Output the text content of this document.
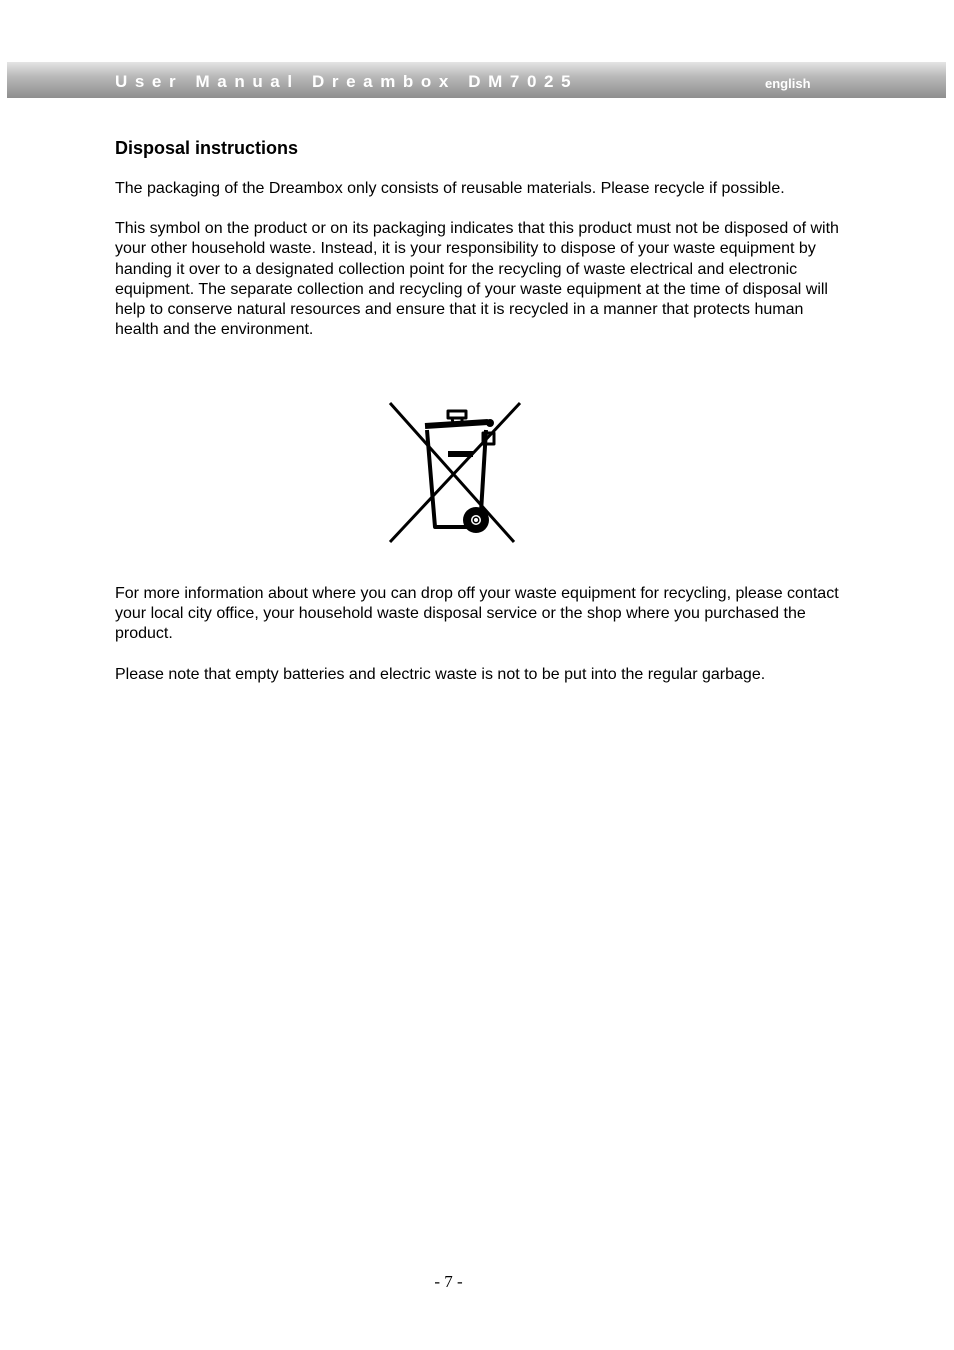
User Manual Dreambox DM7025	english
Disposal instructions

The packaging of the Dreambox only consists of reusable materials. Please recycle if possible.

This symbol on the product or on its packaging indicates that this product must not be disposed of with your other household waste. Instead, it is your responsibility to dispose of your waste equipment by handing it over to a designated collection point for the recycling of waste electrical and electronic equipment. The separate collection and recycling of your waste equipment at the time of disposal will help to conserve natural resources and ensure that it is recycled in a manner that protects human health and the environment.

For more information about where you can drop off your waste equipment for recycling, please contact your local city office, your household waste disposal service or the shop where you purchased the product.

Please note that empty batteries and electric waste is not to be put into the regular garbage.

- 7 -
